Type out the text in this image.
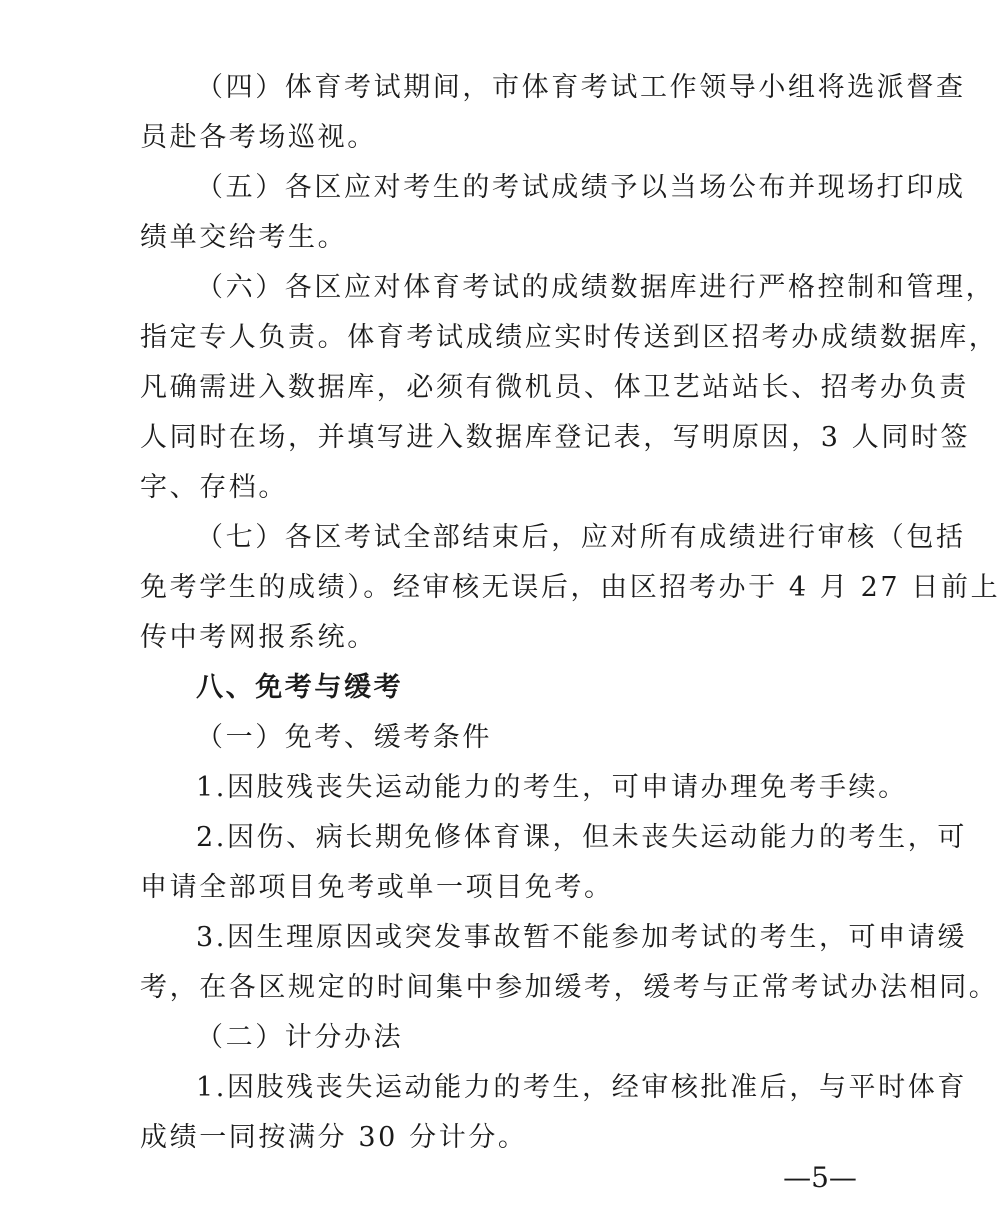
（四）体育考试期间，市体育考试工作领导小组将选派督查
员赴各考场巡视。
（五）各区应对考生的考试成绩予以当场公布并现场打印成
绩单交给考生。
（六）各区应对体育考试的成绩数据库进行严格控制和管理，
指定专人负责。体育考试成绩应实时传送到区招考办成绩数据库，
凡确需进入数据库，必须有微机员、体卫艺站站长、招考办负责
人同时在场，并填写进入数据库登记表，写明原因，3 人同时签
字、存档。
（七）各区考试全部结束后，应对所有成绩进行审核（包括
免考学生的成绩）。经审核无误后，由区招考办于 4 月 27 日前上
传中考网报系统。
八、免考与缓考
（一）免考、缓考条件
1.因肢残丧失运动能力的考生，可申请办理免考手续。
2.因伤、病长期免修体育课，但未丧失运动能力的考生，可
申请全部项目免考或单一项目免考。
3.因生理原因或突发事故暂不能参加考试的考生，可申请缓
考，在各区规定的时间集中参加缓考，缓考与正常考试办法相同。
（二）计分办法
1.因肢残丧失运动能力的考生，经审核批准后，与平时体育
成绩一同按满分 30 分计分。
—5—
